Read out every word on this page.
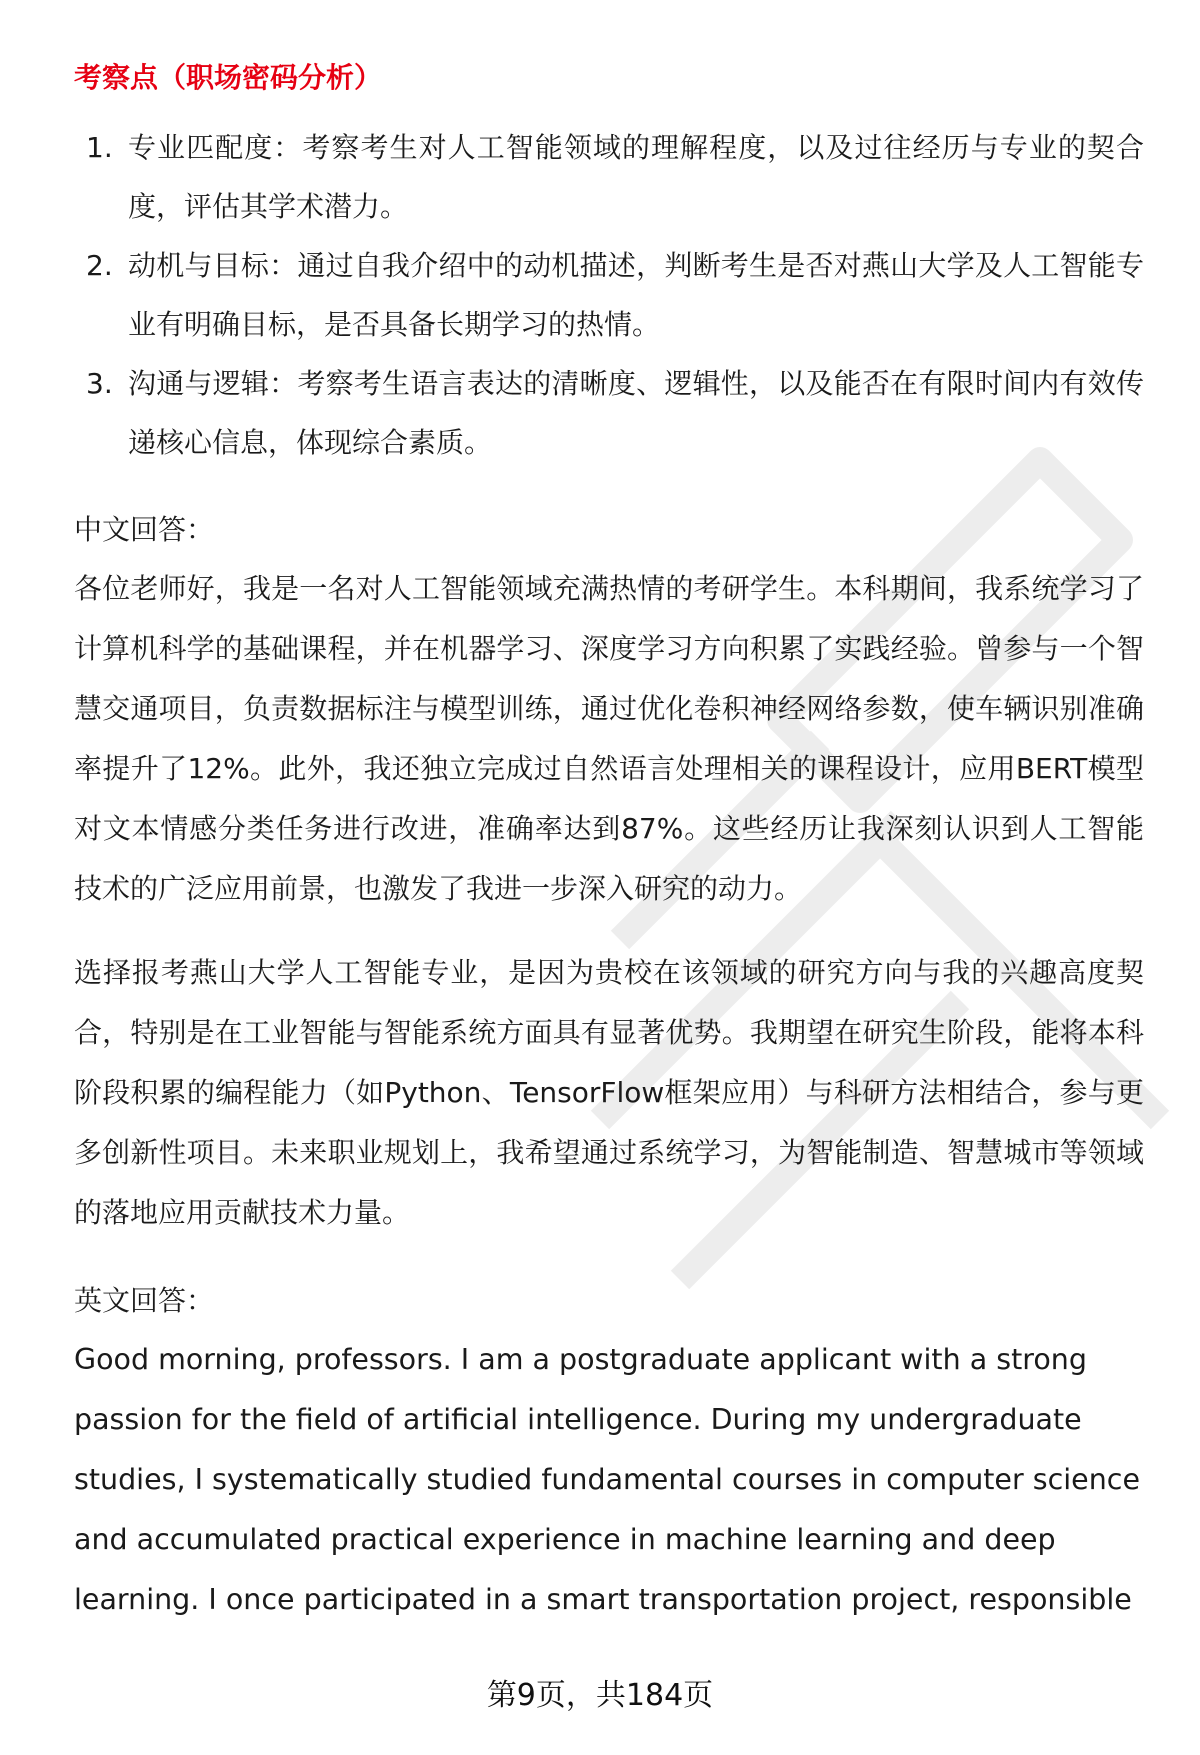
考察点（职场密码分析）
1. 专业匹配度：考察考生对人工智能领域的理解程度，以及过往经历与专业的契合度，评估其学术潜力。
2. 动机与目标：通过自我介绍中的动机描述，判断考生是否对燕山大学及人工智能专业有明确目标，是否具备长期学习的热情。
3. 沟通与逻辑：考察考生语言表达的清晰度、逻辑性，以及能否在有限时间内有效传递核心信息，体现综合素质。
中文回答：

各位老师好，我是一名对人工智能领域充满热情的考研学生。本科期间，我系统学习了计算机科学的基础课程，并在机器学习、深度学习方向积累了实践经验。曾参与一个智慧交通项目，负责数据标注与模型训练，通过优化卷积神经网络参数，使车辆识别准确率提升了12%。此外，我还独立完成过自然语言处理相关的课程设计，应用BERT模型对文本情感分类任务进行改进，准确率达到87%。这些经历让我深刻认识到人工智能技术的广泛应用前景，也激发了我进一步深入研究的动力。

选择报考燕山大学人工智能专业，是因为贵校在该领域的研究方向与我的兴趣高度契合，特别是在工业智能与智能系统方面具有显著优势。我期望在研究生阶段，能将本科阶段积累的编程能力（如Python、TensorFlow框架应用）与科研方法相结合，参与更多创新性项目。未来职业规划上，我希望通过系统学习，为智能制造、智慧城市等领域的落地应用贡献技术力量。

英文回答：

Good morning, professors. I am a postgraduate applicant with a strong

passion for the field of artificial intelligence. During my undergraduate

studies, I systematically studied fundamental courses in computer science

and accumulated practical experience in machine learning and deep

learning. I once participated in a smart transportation project, responsible

第9页，共184页
